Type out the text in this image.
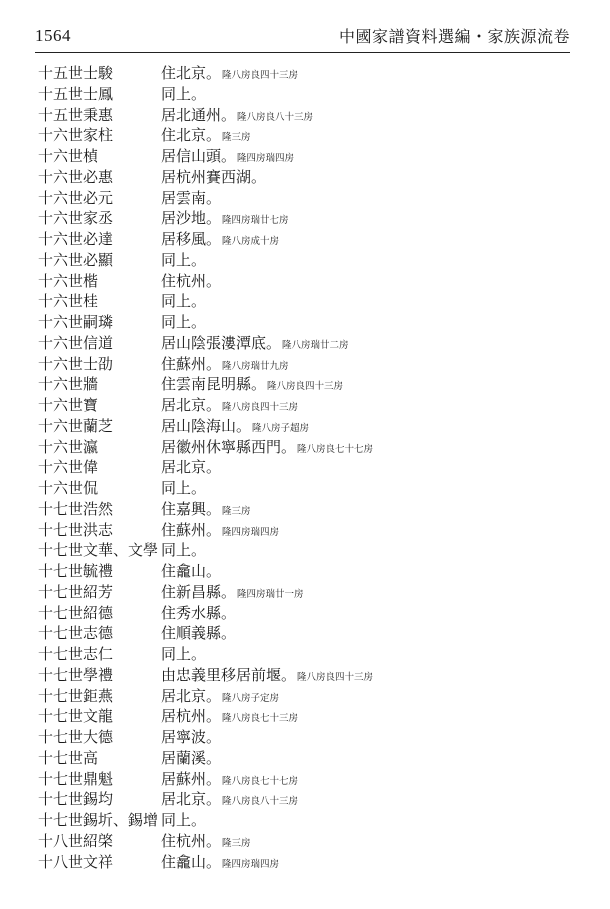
1564	中國家譜資料選編・家族源流卷
十五世士駿	住北京。隆八房良四十三房
十五世士鳳	同上。
十五世秉惠	居北通州。隆八房良八十三房
十六世家柱	住北京。隆三房
十六世楨	居信山頭。隆四房瑞四房
十六世必惠	居杭州賽西湖。
十六世必元	居雲南。
十六世家丞	居沙地。隆四房瑞廿七房
十六世必達	居移風。隆八房成十房
十六世必顯	同上。
十六世楷	住杭州。
十六世桂	同上。
十六世嗣璘	同上。
十六世信道	居山陰張漊潭底。隆八房瑞廿二房
十六世士劭	住蘇州。隆八房瑞廿九房
十六世牆	住雲南昆明縣。隆八房良四十三房
十六世寶	居北京。隆八房良四十三房
十六世蘭芝	居山陰海山。隆八房子超房
十六世瀛	居徽州休寧縣西門。隆八房良七十七房
十六世偉	居北京。
十六世侃	同上。
十七世浩然	住嘉興。隆三房
十七世洪志	住蘇州。隆四房瑞四房
十七世文華、文學 同上。
十七世毓禮	住龕山。
十七世紹芳	住新昌縣。隆四房瑞廿一房
十七世紹德	住秀水縣。
十七世志德	住順義縣。
十七世志仁	同上。
十七世學禮	由忠義里移居前堰。隆八房良四十三房
十七世鉅燕	居北京。隆八房子定房
十七世文龍	居杭州。隆八房良七十三房
十七世大德	居寧波。
十七世高	居蘭溪。
十七世鼎魁	居蘇州。隆八房良七十七房
十七世錫均	居北京。隆八房良八十三房
十七世錫圻、錫增 同上。
十八世紹棨	住杭州。隆三房
十八世文祥	住龕山。隆四房瑞四房
